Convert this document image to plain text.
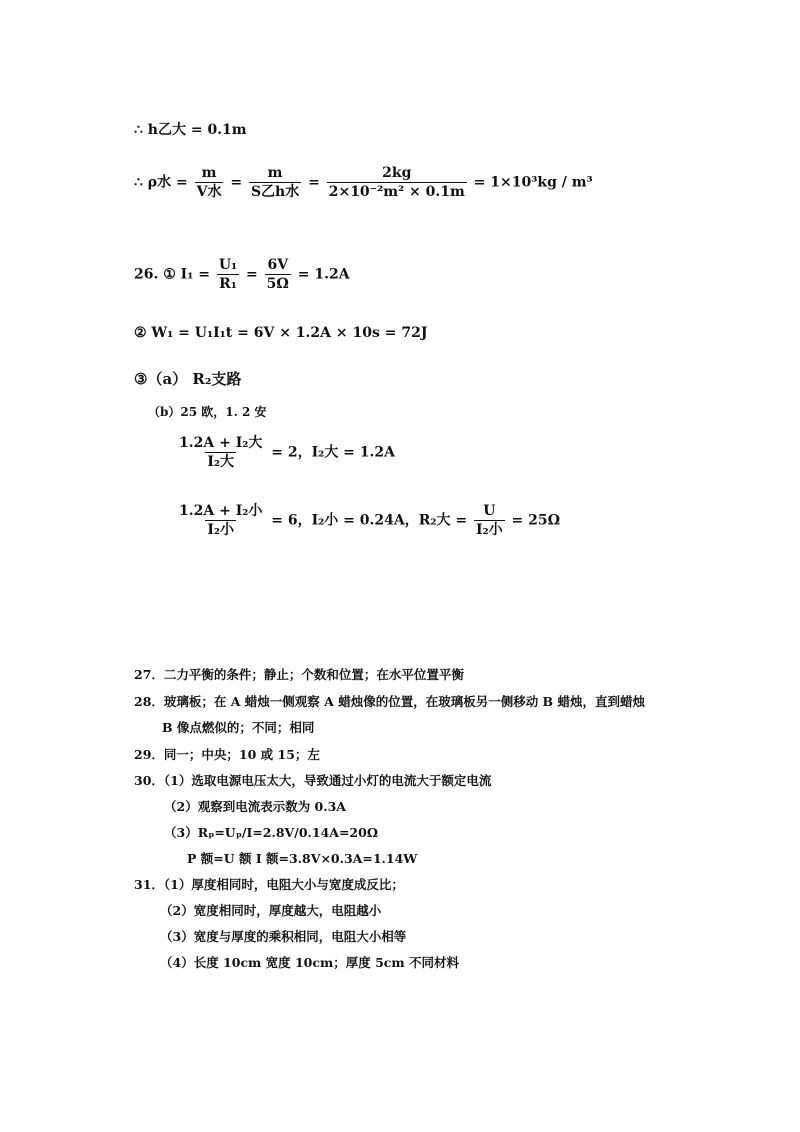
∴ h乙大 = 0.1m
∴ ρ水 = $\frac{m}{\text{V水}} = \frac{m}{\text{S乙h水}} = \frac{2kg}{\text{2×10⁻²m² × 0.1m}} = 1\times 10^3kg / m^3$
26. ① $I_1 = \frac{\text{U₁}}{\text{R₁}} = \frac{6V}{5\Omega} = 1.2A$
② W₁ = U₁I₁t = 6V × 1.2A × 10s = 72J
③（a） R₂支路
（b）25 欧，1. 2 安
$\frac{\text{1.2A + I₂大}}{\text{I₂大}} = 2$，I₂大 = 1.2A
$\frac{\text{1.2A + I₂小}}{\text{I₂小}} = 6$，I₂小 = 0.24A，R₂大 = $\frac{U}{\text{I₂小}} = 25\Omega$
27．二力平衡的条件；静止；个数和位置；在水平位置平衡
28．玻璃板；在 A 蜡烛一侧观察 A 蜡烛像的位置，在玻璃板另一侧移动 B 蜡烛，直到蜡烛
B 像点燃似的；不同；相同
29．同一；中央；10 或 15；左
30．（1）选取电源电压太大，导致通过小灯的电流大于额定电流
（2）观察到电流表示数为 0.3A
（3）Rₚ=Uₚ/I=2.8V/0.14A=20Ω
P 额=U 额 I 额=3.8V×0.3A=1.14W
31．（1）厚度相同时，电阻大小与宽度成反比；
（2）宽度相同时，厚度越大，电阻越小
（3）宽度与厚度的乘积相同，电阻大小相等
（4）长度 10cm 宽度 10cm；厚度 5cm 不同材料
